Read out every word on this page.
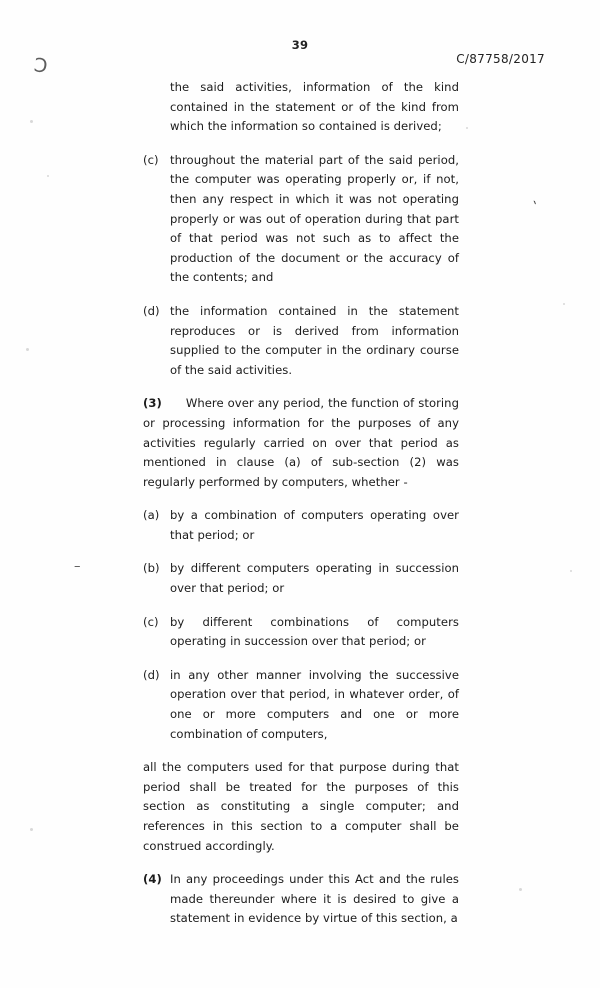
39
C/87758/2017
Ɔ
ˋ
–

the said activities, information of the kind contained in the statement or of the kind from which the information so contained is derived;

(c) throughout the material part of the said period, the computer was operating properly or, if not, then any respect in which it was not operating properly or was out of operation during that part of that period was not such as to affect the production of the document or the accuracy of the contents; and

(d) the information contained in the statement reproduces or is derived from information supplied to the computer in the ordinary course of the said activities.

(3) Where over any period, the function of storing or processing information for the purposes of any activities regularly carried on over that period as mentioned in clause (a) of sub-section (2) was regularly performed by computers, whether -

(a) by a combination of computers operating over that period; or

(b) by different computers operating in succession over that period; or

(c) by different combinations of computers operating in succession over that period; or

(d) in any other manner involving the successive operation over that period, in whatever order, of one or more computers and one or more combination of computers,

all the computers used for that purpose during that period shall be treated for the purposes of this section as constituting a single computer; and references in this section to a computer shall be construed accordingly.

(4) In any proceedings under this Act and the rules made thereunder where it is desired to give a statement in evidence by virtue of this section, a
